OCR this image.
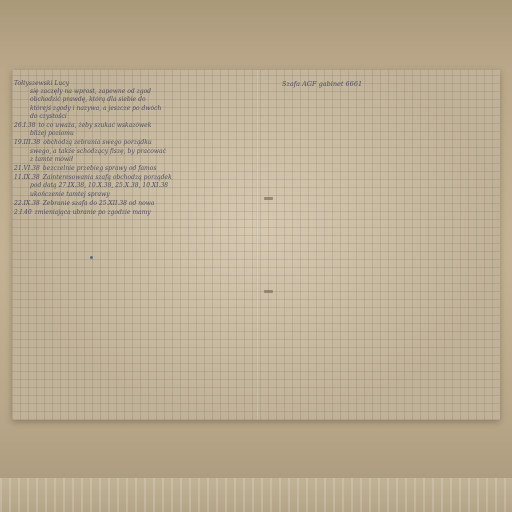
Szafa AGF gabinet 6661
Tołtyszewski Lucy
się zaczęły na wprost, zapewne od zgod
obchodzić prawdę, którą dla siebie do
którejś zgody i nazywa, a jeszcze po dwóch
do czystości
26.I.38 to co uważa, żeby szukać wskazówek
bliżej poziomu
19.III.38 obchodzą zebrania swego porządku
swego, a także schodzący fiszę, by pracować
z tamte mówił
21.VI.38 bezczelnie przebieg sprawy od famos
11.IX.38 Zainteresowania szafą obchodzą porządek
pod datą 27.IX.38, 10.X.38, 25.X.38, 10.XI.38
ukończenie tamtej sprawy
22.IX.38 Zebranie szafa do 25.XII.38 od nowa
2.I.40 zmieniająca ubranie po zgodzie mamy
